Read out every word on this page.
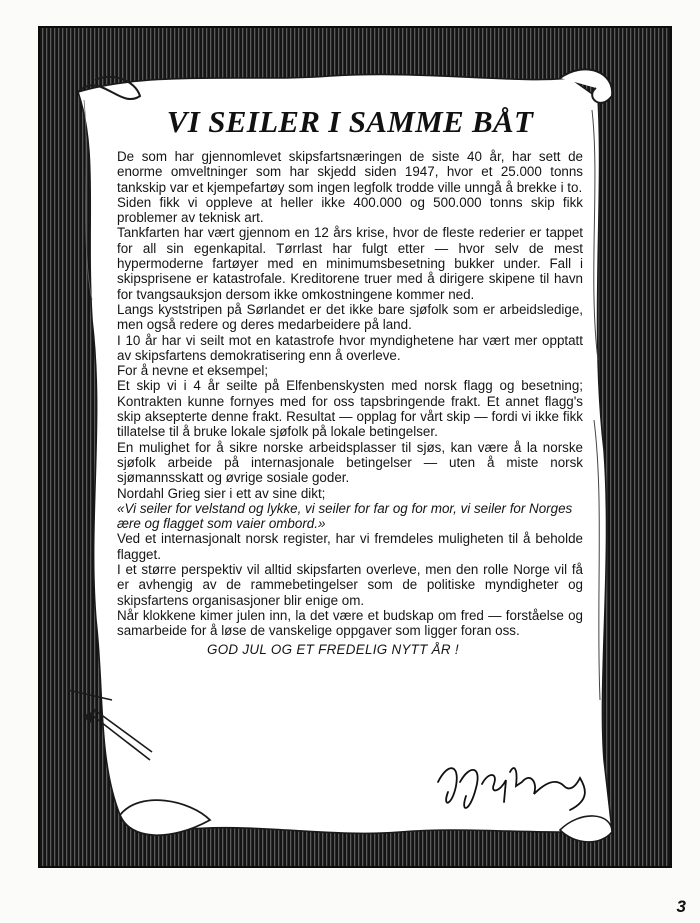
VI SEILER I SAMME BÅT

De som har gjennomlevet skipsfartsnæringen de siste 40 år, har sett de enorme omveltninger som har skjedd siden 1947, hvor et 25.000 tonns tankskip var et kjempefartøy som ingen legfolk trodde ville unngå å brekke i to.

Siden fikk vi oppleve at heller ikke 400.000 og 500.000 tonns skip fikk problemer av teknisk art.

Tankfarten har vært gjennom en 12 års krise, hvor de fleste rederier er tappet for all sin egenkapital. Tørrlast har fulgt etter — hvor selv de mest hypermoderne fartøyer med en minimumsbesetning bukker under. Fall i skipsprisene er katastrofale. Kreditorene truer med å dirigere skipene til havn for tvangsauksjon dersom ikke omkostningene kommer ned.

Langs kyststripen på Sørlandet er det ikke bare sjøfolk som er arbeidsledige, men også redere og deres medarbeidere på land.

I 10 år har vi seilt mot en katastrofe hvor myndighetene har vært mer opptatt av skipsfartens demokratisering enn å overleve.

For å nevne et eksempel;

Et skip vi i 4 år seilte på Elfenbenskysten med norsk flagg og besetning; Kontrakten kunne fornyes med for oss tapsbringende frakt. Et annet flagg's skip aksepterte denne frakt. Resultat — opplag for vårt skip — fordi vi ikke fikk tillatelse til å bruke lokale sjøfolk på lokale betingelser.

En mulighet for å sikre norske arbeidsplasser til sjøs, kan være å la norske sjøfolk arbeide på internasjonale betingelser — uten å miste norsk sjømannsskatt og øvrige sosiale goder.

Nordahl Grieg sier i ett av sine dikt;

«Vi seiler for velstand og lykke, vi seiler for far og for mor, vi seiler for Norges ære og flagget som vaier ombord.»

Ved et internasjonalt norsk register, har vi fremdeles muligheten til å beholde flagget.

I et større perspektiv vil alltid skipsfarten overleve, men den rolle Norge vil få er avhengig av de rammebetingelser som de politiske myndigheter og skipsfartens organisasjoner blir enige om.

Når klokkene kimer julen inn, la det være et budskap om fred — forståelse og samarbeide for å løse de vanskelige oppgaver som ligger foran oss.

GOD JUL OG ET FREDELIG NYTT ÅR !

3
